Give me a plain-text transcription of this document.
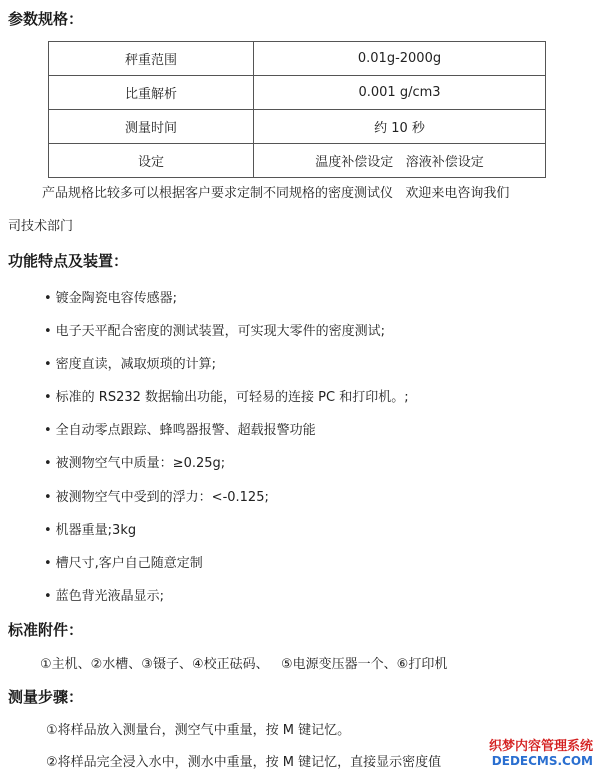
参数规格：
秤重范围	0.01g-2000g
比重解析	0.001 g/cm3
测量时间	约 10 秒
设定	温度补偿设定   溶液补偿设定
产品规格比较多可以根据客户要求定制不同规格的密度测试仪   欢迎来电咨询我们
司技术部门
功能特点及装置：
• 镀金陶瓷电容传感器;
• 电子天平配合密度的测试装置，可实现大零件的密度测试;
• 密度直读，减取烦琐的计算;
• 标准的 RS232 数据输出功能，可轻易的连接 PC 和打印机。;
• 全自动零点跟踪、蜂鸣器报警、超载报警功能
• 被测物空气中质量：≥0.25g;
• 被测物空气中受到的浮力：<-0.125;
• 机器重量;3kg
• 槽尺寸,客户自己随意定制
• 蓝色背光液晶显示;
标准附件：
①主机、②水槽、③镊子、④校正砝码、   ⑤电源变压器一个、⑥打印机
测量步骤：
①将样品放入测量台，测空气中重量，按 M 键记忆。
②将样品完全浸入水中，测水中重量，按 M 键记忆，直接显示密度值
织梦内容管理系统
DEDECMS.COM
